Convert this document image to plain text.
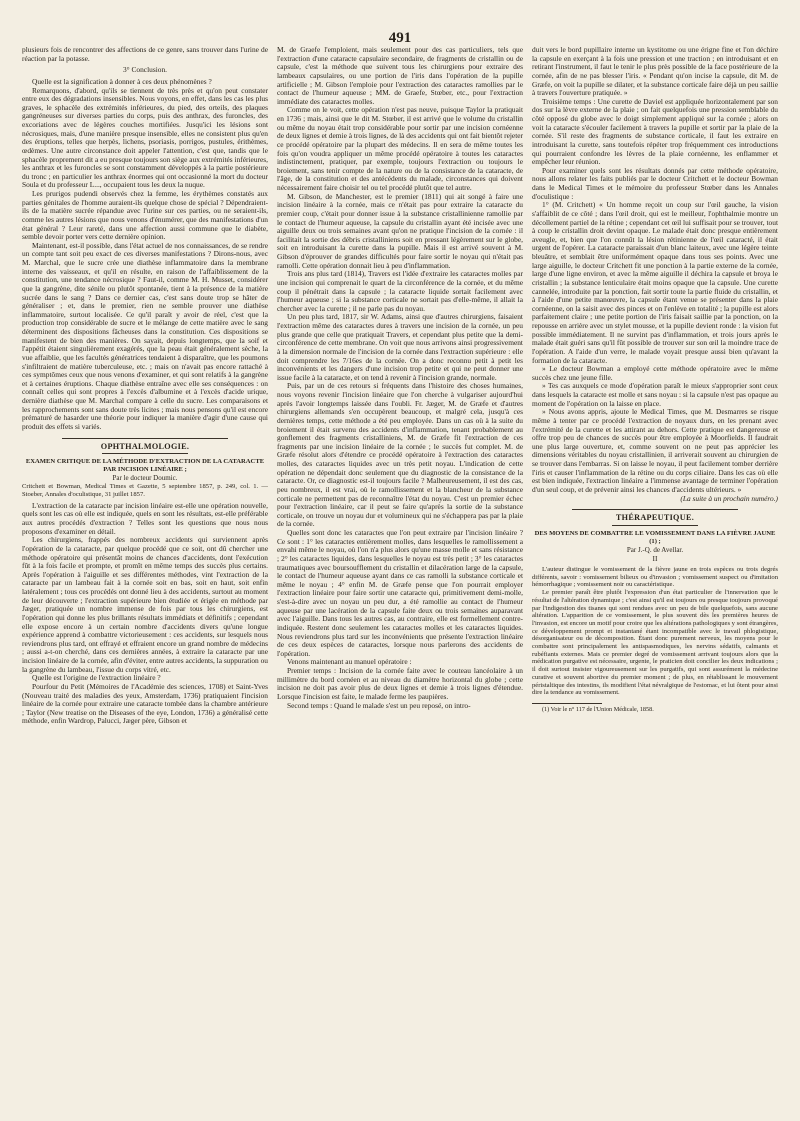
491

plusieurs fois de rencontrer des affections de ce genre, sans trouver dans l'urine de réaction par la potasse.

3° Conclusion.

Quelle est la signification à donner à ces deux phénomènes ?

Remarquons, d'abord, qu'ils se tiennent de très près et qu'on peut constater entre eux des dégradations insensibles. Nous voyons, en effet, dans les cas les plus graves, le sphacèle des extrémités inférieures, du pied, des orteils, des plaques gangréneuses sur diverses parties du corps, puis des anthrax, des furoncles, des excoriations avec de légères couches mortifiées. Jusqu'ici les lésions sont nécrosiques, mais, d'une manière presque insensible, elles ne consistent plus qu'en des éruptions, telles que herpès, lichens, psoriasis, porrigos, pustules, érithèmes, œdèmes. Une autre circonstance doit appeler l'attention, c'est que, tandis que le sphacèle proprement dit a eu presque toujours son siège aux extrémités inférieures, les anthrax et les furoncles se sont constamment développés à la partie postérieure du tronc ; en particulier les anthrax énormes qui ont occasionné la mort du docteur Soula et du professeur L..., occupaient tous les deux la nuque.

Les prurigos pudendi observés chez la femme, les érythèmes constatés aux parties génitales de l'homme auraient-ils quelque chose de spécial ? Dépendraient-ils de la matière sucrée répandue avec l'urine sur ces parties, ou ne seraient-ils, comme les autres lésions que nous venons d'énumérer, que des manifestations d'un état général ? Leur rareté, dans une affection aussi commune que le diabète, semble devoir porter vers cette dernière opinion.

Maintenant, est-il possible, dans l'état actuel de nos connaissances, de se rendre un compte tant soit peu exact de ces diverses manifestations ? Dirons-nous, avec M. Marchal, que le sucre crée une diathèse inflammatoire dans la membrane interne des vaisseaux, et qu'il en résulte, en raison de l'affaiblissement de la constitution, une tendance nécrosique ? Faut-il, comme M. H. Musset, considérer que la gangrène, dite sénile ou plutôt spontanée, tient à la présence de la matière sucrée dans le sang ? Dans ce dernier cas, c'est sans doute trop se hâter de généraliser ; et, dans le premier, rien ne semble prouver une diathèse inflammatoire, surtout localisée. Ce qu'il paraît y avoir de réel, c'est que la production trop considérable de sucre et le mélange de cette matière avec le sang déterminent des dispositions fâcheuses dans la constitution. Ces dispositions se manifestent de bien des manières. On sayait, depuis longtemps, que la soif et l'appétit étaient singulièrement exagérés, que la peau était généralement sèche, la vue affaiblie, que les facultés génératrices tendaient à disparaître, que les poumons s'infiltraient de matière tuberculeuse, etc. ; mais on n'avait pas encore rattaché à ces symptômes ceux que nous venons d'examiner, et qui sont relatifs à la gangrène et à certaines éruptions. Chaque diathèse entraîne avec elle ses conséquences : on connaît celles qui sont propres à l'excès d'albumine et à l'excès d'acide urique, dernière diathèse que M. Marchal compare à celle du sucre. Les comparaisons et les rapprochements sont sans doute très licites ; mais nous pensons qu'il est encore prématuré de hasarder une théorie pour indiquer la manière d'agir d'une cause qui produit des effets si variés.

OPHTHALMOLOGIE.

EXAMEN CRITIQUE DE LA MÉTHODE D'EXTRACTION DE LA CATARACTE PAR INCISION LINÉAIRE ;

Par le docteur Doumic.

Critchett et Bowman, Medical Times et Gazette, 5 septembre 1857, p. 249, col. 1. — Stoeber, Annales d'oculistique, 31 juillet 1857.

L'extraction de la cataracte par incision linéaire est-elle une opération nouvelle, quels sont les cas où elle est indiquée, quels en sont les résultats, est-elle préférable aux autres procédés d'extraction ? Telles sont les questions que nous nous proposons d'examiner en détail.

Les chirurgiens, frappés des nombreux accidents qui surviennent après l'opération de la cataracte, par quelque procédé que ce soit, ont dû chercher une méthode opératoire qui présentât moins de chances d'accidents, dont l'exécution fût à la fois facile et prompte, et promît en même temps des succès plus certains. Après l'opération à l'aiguille et ses différentes méthodes, vint l'extraction de la cataracte par un lambeau fait à la cornée soit en bas, soit en haut, soit enfin latéralement ; tous ces procédés ont donné lieu à des accidents, surtout au moment de leur découverte ; l'extraction supérieure bien étudiée et érigée en méthode par Jæger, pratiquée un nombre immense de fois par tous les chirurgiens, est l'opération qui donne les plus brillants résultats immédiats et définitifs ; cependant elle expose encore à un certain nombre d'accidents divers qu'une longue expérience apprend à combattre victorieusement : ces accidents, sur lesquels nous reviendrons plus tard, ont effrayé et effraient encore un grand nombre de médecins ; aussi a-t-on cherché, dans ces dernières années, à extraire la cataracte par une incision linéaire de la cornée, afin d'éviter, entre autres accidents, la suppuration ou la gangrène du lambeau, l'issue du corps vitré, etc.

Quelle est l'origine de l'extraction linéaire ?

Pourfour du Petit (Mémoires de l'Académie des sciences, 1708) et Saint-Yves (Nouveau traité des maladies des yeux, Amsterdam, 1736) pratiquaient l'incision linéaire de la cornée pour extraire une cataracte tombée dans la chambre antérieure ; Taylor (New treatise on the Diseases of the eye, London, 1736) a généralisé cette méthode, enfin Wardrop, Palucci, Jæger père, Gibson et

M. de Graefe l'emploient, mais seulement pour des cas particuliers, tels que l'extraction d'une cataracte capsulaire secondaire, de fragments de cristallin ou de capsule, c'est la méthode que suivent tous les chirurgiens pour extraire des lambeaux capsulaires, ou une portion de l'iris dans l'opération de la pupille artificielle ; M. Gibson l'emploie pour l'extraction des cataractes ramollies par le contact de l'humeur aqueuse ; MM. de Graefe, Stœber, etc., pour l'extraction immédiate des cataractes molles.

Comme on le voit, cette opération n'est pas neuve, puisque Taylor la pratiquait en 1736 ; mais, ainsi que le dit M. Stœber, il est arrivé que le volume du cristallin ou même du noyau était trop considérable pour sortir par une incision cornéenne de deux lignes et demie à trois lignes, de là des accidents qui ont fait bientôt rejeter ce procédé opératoire par la plupart des médecins. Il en sera de même toutes les fois qu'on voudra appliquer un même procédé opératoire à toutes les cataractes indistinctement, pratiquer, par exemple, toujours l'extraction ou toujours le broiement, sans tenir compte de la nature ou de la consistance de la cataracte, de l'âge, de la constitution et des antécédents du malade, circonstances qui doivent nécessairement faire choisir tel ou tel procédé plutôt que tel autre.

M. Gibson, de Manchester, est le premier (1811) qui ait songé à faire une incision linéaire à la cornée, mais ce n'était pas pour extraire la cataracte du premier coup, c'était pour donner issue à la substance cristallinienne ramollie par le contact de l'humeur aqueuse, la capsule du cristallin ayant été incisée avec une aiguille deux ou trois semaines avant qu'on ne pratique l'incision de la cornée : il facilitait la sortie des débris cristalliniens soit en pressant légèrement sur le globe, soit en introduisant la curette dans la pupille. Mais il est arrivé souvent à M. Gibson d'éprouver de grandes difficultés pour faire sortir le noyau qui n'était pas ramolli. Cette opération donnait lieu à peu d'inflammation.

Trois ans plus tard (1814), Travers est l'idée d'extraire les cataractes molles par une incision qui comprenait le quart de la circonférence de la cornée, et du même coup il pénétrait dans la capsule ; la cataracte liquide sortait facilement avec l'humeur aqueuse ; si la substance corticale ne sortait pas d'elle-même, il allait la chercher avec la curette ; il ne parle pas du noyau.

Un peu plus tard, 1817, sir W. Adams, ainsi que d'autres chirurgiens, faisaient l'extraction même des cataractes dures à travers une incision de la cornée, un peu plus grande que celle que pratiquait Travers, et cependant plus petite que la demi-circonférence de cette membrane. On voit que nous arrivons ainsi progressivement à la dimension normale de l'incision de la cornée dans l'extraction supérieure : elle doit comprendre les 7/16es de la cornée. On a donc reconnu petit à petit les inconvénients et les dangers d'une incision trop petite et qui ne peut donner une issue facile à la cataracte, et on tend à revenir à l'incision grande, normale.

Puis, par un de ces retours si fréquents dans l'histoire des choses humaines, nous voyons revenir l'incision linéaire que l'on cherche à vulgariser aujourd'hui après l'avoir longtemps laissée dans l'oubli. Fr. Jæger, M. de Græfe et d'autres chirurgiens allemands s'en occupèrent beaucoup, et malgré cela, jusqu'à ces dernières temps, cette méthode a été peu employée. Dans un cas où à la suite du broiement il était survenu des accidents d'inflammation, tenant probablement au gonflement des fragments cristalliniens, M. de Græfe fit l'extraction de ces fragments par une incision linéaire de la cornée ; le succès fut complet. M. de Græfe résolut alors d'étendre ce procédé opératoire à l'extraction des cataractes molles, des cataractes liquides avec un très petit noyau. L'indication de cette opération ne dépendait donc seulement que du diagnostic de la consistance de la cataracte. Or, ce diagnostic est-il toujours facile ? Malheureusement, il est des cas, peu nombreux, il est vrai, où le ramollissement et la blancheur de la substance corticale ne permettent pas de reconnaître l'état du noyau. C'est un premier échec pour l'extraction linéaire, car il peut se faire qu'après la sortie de la substance corticale, on trouve un noyau dur et volumineux qui ne s'échappera pas par la plaie de la cornée.

Quelles sont donc les cataractes que l'on peut extraire par l'incision linéaire ? Ce sont : 1° les cataractes entièrement molles, dans lesquelles le ramollissement a envahi même le noyau, où l'on n'a plus alors qu'une masse molle et sans résistance ; 2° les cataractes liquides, dans lesquelles le noyau est très petit ; 3° les cataractes traumatiques avec boursoufflement du cristallin et dilacération large de la capsule, le contact de l'humeur aqueuse ayant dans ce cas ramolli la substance corticale et même le noyau ; 4° enfin M. de Græfe pense que l'on pourrait employer l'extraction linéaire pour faire sortir une cataracte qui, primitivement demi-molle, s'est-à-dire avec un noyau un peu dur, a été ramollie au contact de l'humeur aqueuse par une lacération de la capsule faite deux ou trois semaines auparavant avec l'aiguille. Dans tous les autres cas, au contraire, elle est formellement contre-indiquée. Restent donc seulement les cataractes molles et les cataractes liquides. Nous reviendrons plus tard sur les inconvénients que présente l'extraction linéaire de ces deux espèces de cataractes, lorsque nous parlerons des accidents de l'opération.

Venons maintenant au manuel opératoire :

Premier temps : Incision de la cornée faite avec le couteau lancéolaire à un millimètre du bord cornéen et au niveau du diamètre horizontal du globe ; cette incision ne doit pas avoir plus de deux lignes et demie à trois lignes d'étendue. Lorsque l'incision est faite, le malade ferme les paupières.

Second temps : Quand le malade s'est un peu reposé, on intro-

duit vers le bord pupillaire interne un kystitome ou une érigne fine et l'on déchire la capsule en exerçant à la fois une pression et une traction ; en introduisant et en retirant l'instrument, il faut le tenir le plus près possible de la face postérieure de la cornée, afin de ne pas blesser l'iris. « Pendant qu'on incise la capsule, dit M. de Græfe, on voit la pupille se dilater, et la substance corticale faire déjà un peu saillie à travers l'ouverture pratiquée. »

Troisième temps : Une curette de Daviel est appliquée horizontalement par son dos sur la lèvre externe de la plaie ; on fait quelquefois une pression semblable du côté opposé du globe avec le doigt simplement appliqué sur la cornée ; alors on voit la cataracte s'écouler facilement à travers la pupille et sortir par la plaie de la cornée. S'il reste des fragments de substance corticale, il faut les extraire en introduisant la curette, sans toutefois répéter trop fréquemment ces introductions qui pourraient confondre les lèvres de la plaie cornéenne, les enflammer et empêcher leur réunion.

Pour examiner quels sont les résultats donnés par cette méthode opératoire, nous allons relater les faits publiés par le docteur Critchett et le docteur Bowman dans le Medical Times et le mémoire du professeur Stœber dans les Annales d'oculistique :

1° (M. Critchett) « Un homme reçoit un coup sur l'œil gauche, la vision s'affaiblit de ce côté ; dans l'œil droit, qui est le meilleur, l'ophthalmie montre un décollement partiel de la rétine ; cependant cet œil lui suffisait pour se trouver, tout à coup le cristallin droit devint opaque. Le malade était donc presque entièrement aveugle, et, bien que l'on connût la lésion rétinienne de l'œil cataracté, il était urgent de l'opérer. La cataracte paraissait d'un blanc laiteux, avec une légère teinte bleuâtre, et semblait être uniformément opaque dans tous ses points. Avec une large aiguille, le docteur Critchett fit une ponction à la partie externe de la cornée, large d'une ligne environ, et avec la même aiguille il déchira la capsule et broya le cristallin ; la substance lenticulaire était moins opaque que la capsule. Une curette cannelée, introduite par la ponction, fait sortir toute la partie fluide du cristallin, et à l'aide d'une petite manœuvre, la capsule étant venue se présenter dans la plaie cornéenne, on la saisit avec des pinces et on l'enlève en totalité ; la pupille est alors parfaitement claire ; une petite portion de l'iris faisait saillie par la ponction, on la repousse en arrière avec un stylet mousse, et la pupille devient ronde : la vision fut possible immédiatement. Il ne survint pas d'inflammation, et trois jours après le malade était guéri sans qu'il fût possible de trouver sur son œil la moindre trace de l'opération. A l'aide d'un verre, le malade voyait presque aussi bien qu'avant la formation de la cataracte.

» Le docteur Bowman a employé cette méthode opératoire avec le même succès chez une jeune fille.

» Tes cas auxquels ce mode d'opération paraît le mieux s'approprier sont ceux dans lesquels la cataracte est molle et sans noyau : si la capsule n'est pas opaque au moment de l'opération on la laisse en place.

» Nous avons appris, ajoute le Medical Times, que M. Desmarres se risque même à tenter par ce procédé l'extraction de noyaux durs, en les prenant avec l'extrémité de la curette et les attirant au dehors. Cette pratique est dangereuse et offre trop peu de chances de succès pour être employée à Moorfields. Il faudrait une plus large ouverture, et, comme souvent on ne peut pas apprécier les dimensions véritables du noyau cristallinien, il arriverait souvent au chirurgien de se trouver dans l'embarras. Si on laisse le noyau, il peut facilement tomber derrière l'iris et causer l'inflammation de la rétine ou du corps ciliaire. Dans les cas où elle est bien indiquée, l'extraction linéaire a l'immense avantage de terminer l'opération d'un seul coup, et de prévenir ainsi les chances d'accidents ultérieurs. »

(La suite à un prochain numéro.)

THÉRAPEUTIQUE.

DES MOYENS DE COMBATTRE LE VOMISSEMENT DANS LA FIÈVRE JAUNE (1) ;

Par J.-Q. de Avellar.

II

L'auteur distingue le vomissement de la fièvre jaune en trois espèces ou trois degrés différents, savoir : vomissement bilieux ou d'invasion ; vomissement suspect ou d'imitation hémorrhagique ; vomissement noir ou caractéristique.

Le premier paraît être plutôt l'expression d'un état particulier de l'innervation que le résultat de l'altération dynamique ; c'est ainsi qu'il est toujours ou presque toujours provoqué par l'indigestion des tisanes qui sont rendues avec un peu de bile quelquefois, sans aucune altération. L'apparition de ce vomissement, le plus souvent dès les premières heures de l'invasion, est encore un motif pour croire que les altérations pathologiques y sont étrangères, ce développement prompt et instantané étant incompatible avec le travail phlogistique, désorganisateur ou de décomposition. Étant donc purement nerveux, les moyens pour le combattre sont principalement les antispasmodiques, les nervins sédatifs, calmants et rubéfiants externes. Mais ce premier degré de vomissement arrivant toujours alors que la médication purgative est nécessaire, urgente, le praticien doit concilier les deux indications ; il doit surtout insister vigoureusement sur les purgatifs, qui sont assurément la médecine curative et souvent abortive du premier moment ; de plus, en rétablissant le mouvement péristaltique des intestins, ils modifient l'état névralgique de l'estomac, et lui ôtent pour ainsi dire la tendance au vomissement.

(1) Voir le n° 117 de l'Union Médicale, 1858.
